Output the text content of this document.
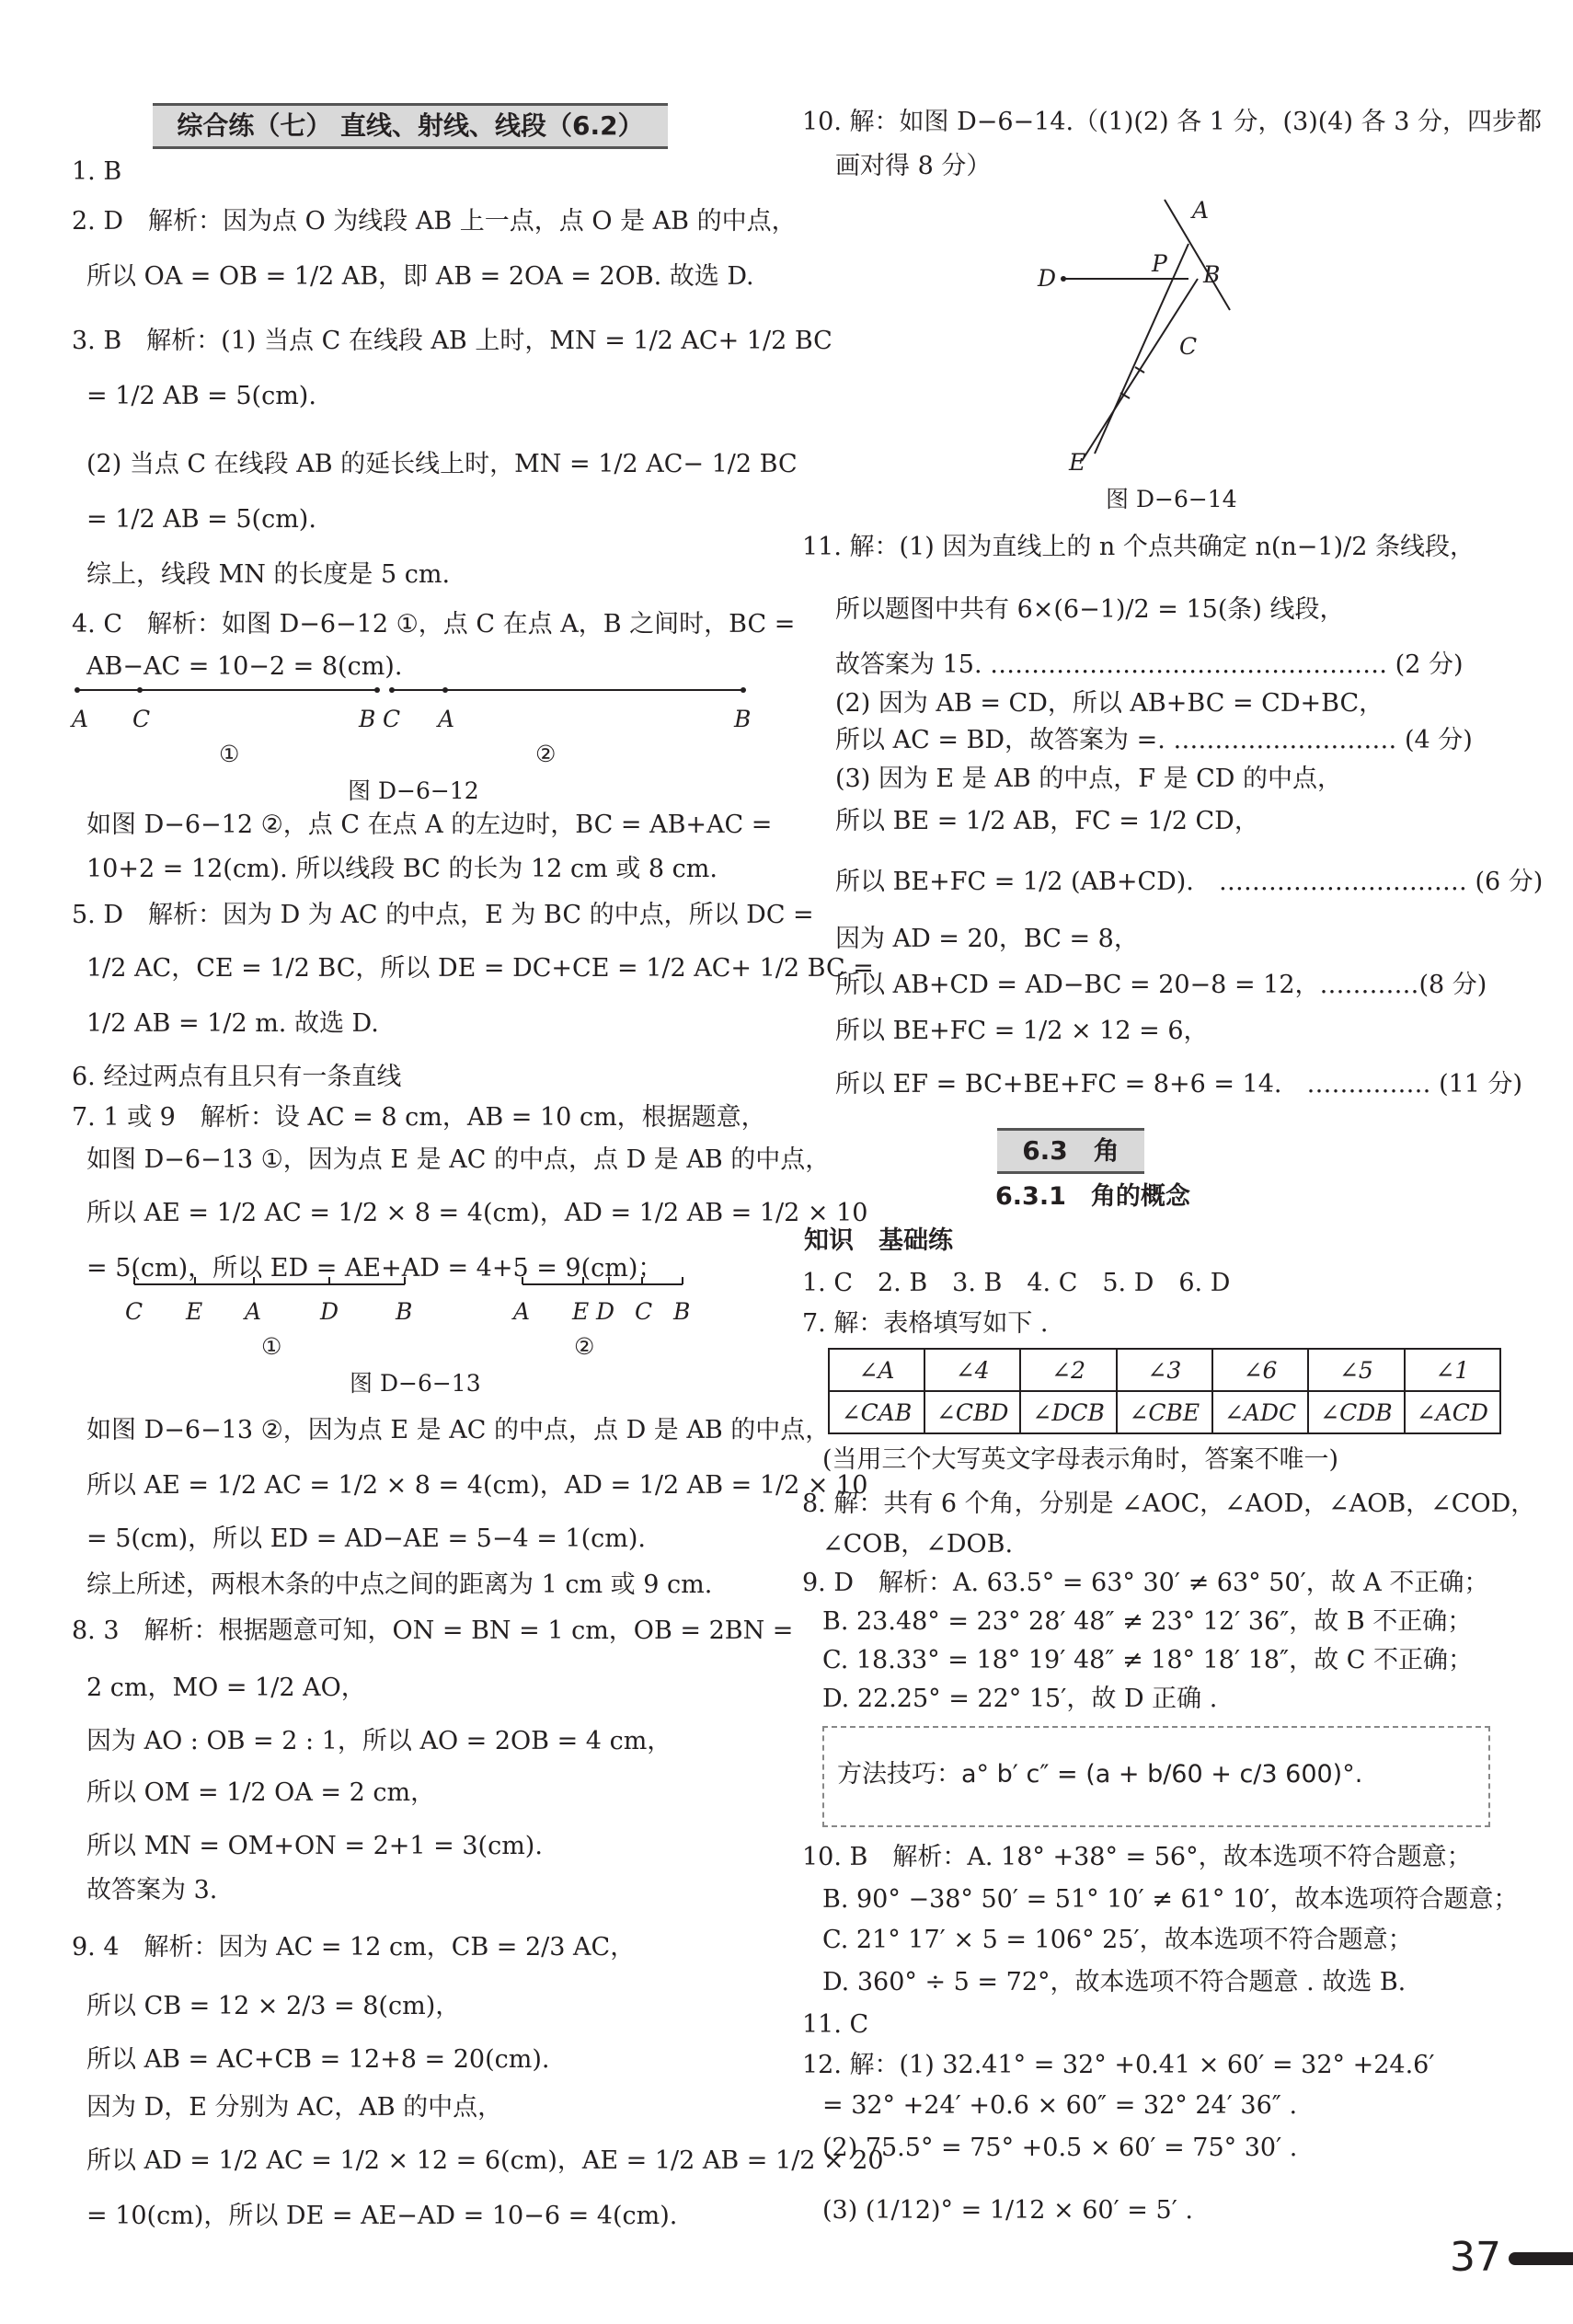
综合练（七） 直线、射线、线段（6.2）
1. B
2. D　解析：因为点 O 为线段 AB 上一点，点 O 是 AB 的中点，
所以 OA = OB = 1/2 AB，即 AB = 2OA = 2OB. 故选 D.
3. B　解析：(1) 当点 C 在线段 AB 上时，MN = 1/2 AC+ 1/2 BC
= 1/2 AB = 5(cm).
(2) 当点 C 在线段 AB 的延长线上时，MN = 1/2 AC− 1/2 BC
= 1/2 AB = 5(cm).
综上，线段 MN 的长度是 5 cm.
4. C　解析：如图 D−6−12 ①，点 C 在点 A，B 之间时，BC =
AB−AC = 10−2 = 8(cm).
如图 D−6−12 ②，点 C 在点 A 的左边时，BC = AB+AC =
10+2 = 12(cm). 所以线段 BC 的长为 12 cm 或 8 cm.
5. D　解析：因为 D 为 AC 的中点，E 为 BC 的中点，所以 DC =
1/2 AC，CE = 1/2 BC，所以 DE = DC+CE = 1/2 AC+ 1/2 BC =
1/2 AB = 1/2 m. 故选 D.
6. 经过两点有且只有一条直线
7. 1 或 9　解析：设 AC = 8 cm，AB = 10 cm，根据题意，
如图 D−6−13 ①，因为点 E 是 AC 的中点，点 D 是 AB 的中点，
所以 AE = 1/2 AC = 1/2 × 8 = 4(cm)，AD = 1/2 AB = 1/2 × 10
= 5(cm)，所以 ED = AE+AD = 4+5 = 9(cm)；
如图 D−6−13 ②，因为点 E 是 AC 的中点，点 D 是 AB 的中点，
所以 AE = 1/2 AC = 1/2 × 8 = 4(cm)，AD = 1/2 AB = 1/2 × 10
= 5(cm)，所以 ED = AD−AE = 5−4 = 1(cm).
综上所述，两根木条的中点之间的距离为 1 cm 或 9 cm.
8. 3　解析：根据题意可知，ON = BN = 1 cm，OB = 2BN =
2 cm，MO = 1/2 AO，
因为 AO : OB = 2 : 1，所以 AO = 2OB = 4 cm，
所以 OM = 1/2 OA = 2 cm，
所以 MN = OM+ON = 2+1 = 3(cm).
故答案为 3.
9. 4　解析：因为 AC = 12 cm，CB = 2/3 AC，
所以 CB = 12 × 2/3 = 8(cm)，
所以 AB = AC+CB = 12+8 = 20(cm).
因为 D，E 分别为 AC，AB 的中点，
所以 AD = 1/2 AC = 1/2 × 12 = 6(cm)，AE = 1/2 AB = 1/2 × 20
= 10(cm)，所以 DE = AE−AD = 10−6 = 4(cm).
A C	B C A	B
①	②
图 D−6−12
C E A	D B	A E D C B
①	②
图 D−6−13
10. 解：如图 D−6−14.（(1)(2) 各 1 分，(3)(4) 各 3 分，四步都
画对得 8 分）
A
P B
D
C
E
图 D−6−14
11. 解：(1) 因为直线上的 n 个点共确定 n(n−1)/2 条线段，
所以题图中共有 6×(6−1)/2 = 15(条) 线段，
故答案为 15. ………………………………………… (2 分)
(2) 因为 AB = CD，所以 AB+BC = CD+BC，
所以 AC = BD，故答案为 =. ……………………… (4 分)
(3) 因为 E 是 AB 的中点，F 是 CD 的中点，
所以 BE = 1/2 AB，FC = 1/2 CD，
所以 BE+FC = 1/2 (AB+CD).　………………………… (6 分)
因为 AD = 20，BC = 8，
所以 AB+CD = AD−BC = 20−8 = 12，…………(8 分)
所以 BE+FC = 1/2 × 12 = 6，
所以 EF = BC+BE+FC = 8+6 = 14.　…………… (11 分)
6.3　角
6.3.1　角的概念
知识　基础练
1. C　2. B　3. B　4. C　5. D　6. D
7. 解：表格填写如下 .
∠A	∠4	∠2	∠3	∠6	∠5	∠1
∠CAB	∠CBD	∠DCB	∠CBE	∠ADC	∠CDB	∠ACD
(当用三个大写英文字母表示角时，答案不唯一)
8. 解：共有 6 个角，分别是 ∠AOC，∠AOD，∠AOB，∠COD，
∠COB，∠DOB.
9. D　解析：A. 63.5° = 63° 30′ ≠ 63° 50′，故 A 不正确；
B. 23.48° = 23° 28′ 48″ ≠ 23° 12′ 36″，故 B 不正确；
C. 18.33° = 18° 19′ 48″ ≠ 18° 18′ 18″，故 C 不正确；
D. 22.25° = 22° 15′，故 D 正确 .
方法技巧：a° b′ c″ = (a + b/60 + c/3 600)°.
10. B　解析：A. 18° +38° = 56°，故本选项不符合题意；
B. 90° −38° 50′ = 51° 10′ ≠ 61° 10′，故本选项符合题意；
C. 21° 17′ × 5 = 106° 25′，故本选项不符合题意；
D. 360° ÷ 5 = 72°，故本选项不符合题意 . 故选 B.
11. C
12. 解：(1) 32.41° = 32° +0.41 × 60′ = 32° +24.6′
= 32° +24′ +0.6 × 60″ = 32° 24′ 36″ .
(2) 75.5° = 75° +0.5 × 60′ = 75° 30′ .
(3) (1/12)° = 1/12 × 60′ = 5′ .
37
